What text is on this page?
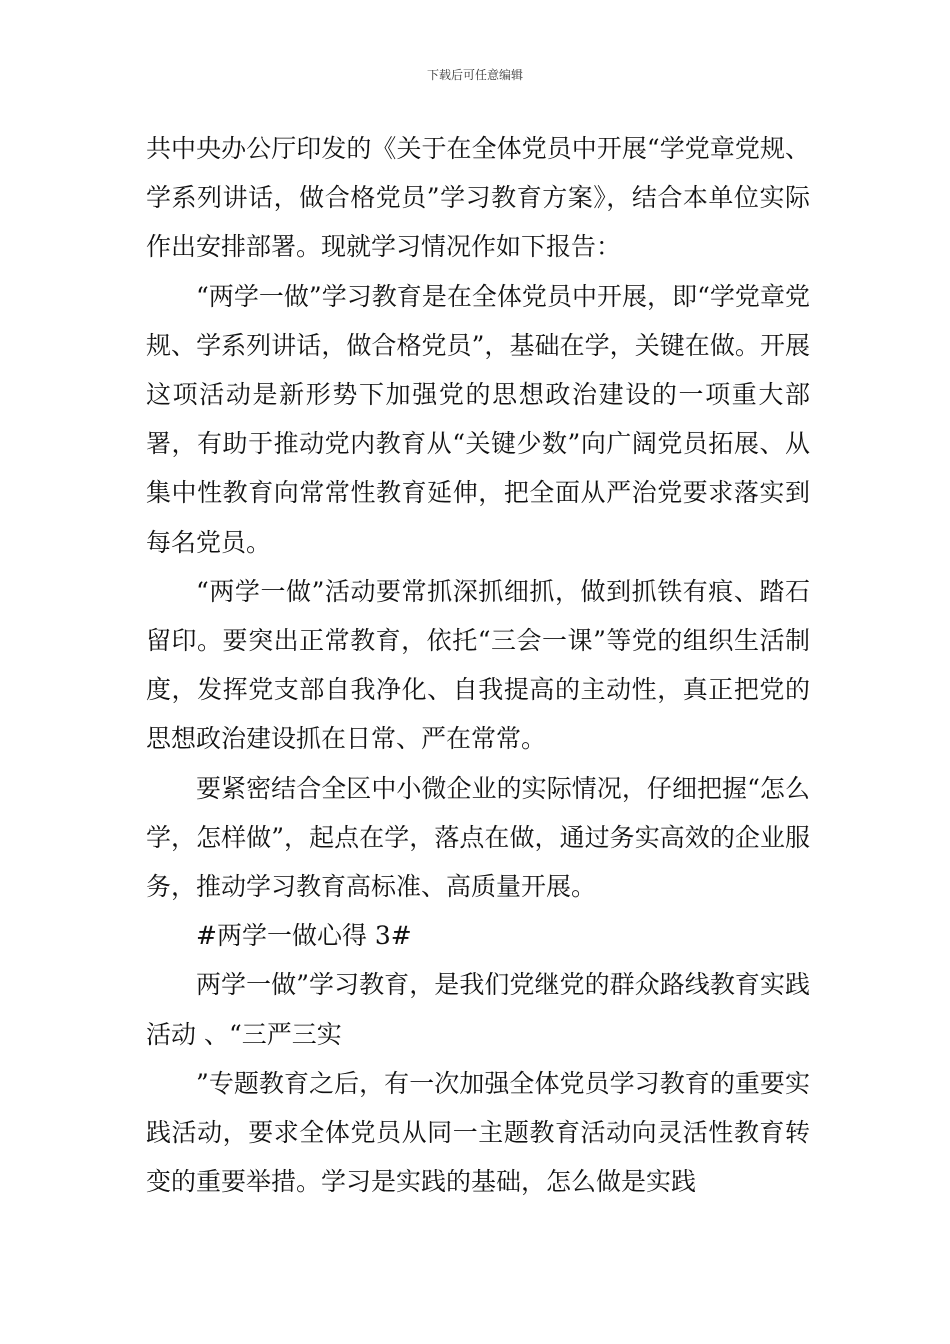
下载后可任意编辑

共中央办公厅印发的《关于在全体党员中开展“学党章党规、学系列讲话，做合格党员”学习教育方案》，结合本单位实际作出安排部署。现就学习情况作如下报告：

“两学一做”学习教育是在全体党员中开展，即“学党章党规、学系列讲话，做合格党员”，基础在学，关键在做。开展这项活动是新形势下加强党的思想政治建设的一项重大部署，有助于推动党内教育从“关键少数”向广阔党员拓展、从集中性教育向常常性教育延伸，把全面从严治党要求落实到每名党员。

“两学一做”活动要常抓深抓细抓，做到抓铁有痕、踏石留印。要突出正常教育，依托“三会一课”等党的组织生活制度，发挥党支部自我净化、自我提高的主动性，真正把党的思想政治建设抓在日常、严在常常。

要紧密结合全区中小微企业的实际情况，仔细把握“怎么学，怎样做”，起点在学，落点在做，通过务实高效的企业服务，推动学习教育高标准、高质量开展。

#两学一做心得 3#

两学一做”学习教育，是我们党继党的群众路线教育实践活动 、“三严三实

”专题教育之后，有一次加强全体党员学习教育的重要实践活动，要求全体党员从同一主题教育活动向灵活性教育转变的重要举措。学习是实践的基础，怎么做是实践
